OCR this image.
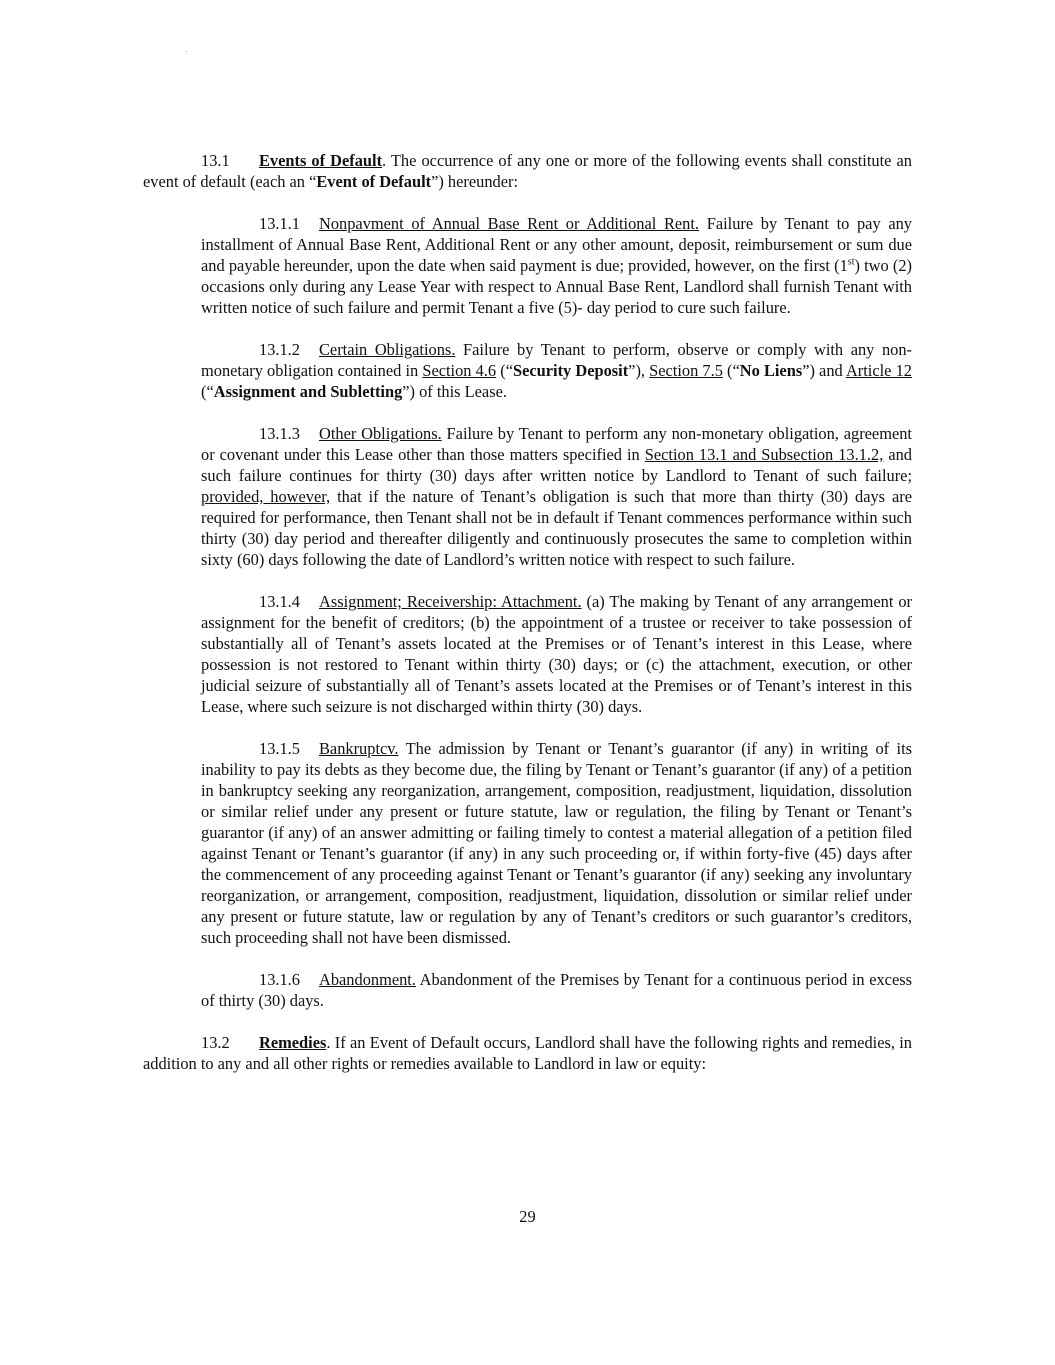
.

13.1 Events of Default. The occurrence of any one or more of the following events shall constitute an event of default (each an “Event of Default”) hereunder:

13.1.1 Nonpavment of Annual Base Rent or Additional Rent. Failure by Tenant to pay any installment of Annual Base Rent, Additional Rent or any other amount, deposit, reimbursement or sum due and payable hereunder, upon the date when said payment is due; provided, however, on the first (1st) two (2) occasions only during any Lease Year with respect to Annual Base Rent, Landlord shall furnish Tenant with written notice of such failure and permit Tenant a five (5)- day period to cure such failure.

13.1.2 Certain Obligations. Failure by Tenant to perform, observe or comply with any non-monetary obligation contained in Section 4.6 (“Security Deposit”), Section 7.5 (“No Liens”) and Article 12 (“Assignment and Subletting”) of this Lease.

13.1.3 Other Obligations. Failure by Tenant to perform any non-monetary obligation, agreement or covenant under this Lease other than those matters specified in Section 13.1 and Subsection 13.1.2, and such failure continues for thirty (30) days after written notice by Landlord to Tenant of such failure; provided, however, that if the nature of Tenant’s obligation is such that more than thirty (30) days are required for performance, then Tenant shall not be in default if Tenant commences performance within such thirty (30) day period and thereafter diligently and continuously prosecutes the same to completion within sixty (60) days following the date of Landlord’s written notice with respect to such failure.

13.1.4 Assignment; Receivership: Attachment. (a) The making by Tenant of any arrangement or assignment for the benefit of creditors; (b) the appointment of a trustee or receiver to take possession of substantially all of Tenant’s assets located at the Premises or of Tenant’s interest in this Lease, where possession is not restored to Tenant within thirty (30) days; or (c) the attachment, execution, or other judicial seizure of substantially all of Tenant’s assets located at the Premises or of Tenant’s interest in this Lease, where such seizure is not discharged within thirty (30) days.

13.1.5 Bankruptcv. The admission by Tenant or Tenant’s guarantor (if any) in writing of its inability to pay its debts as they become due, the filing by Tenant or Tenant’s guarantor (if any) of a petition in bankruptcy seeking any reorganization, arrangement, composition, readjustment, liquidation, dissolution or similar relief under any present or future statute, law or regulation, the filing by Tenant or Tenant’s guarantor (if any) of an answer admitting or failing timely to contest a material allegation of a petition filed against Tenant or Tenant’s guarantor (if any) in any such proceeding or, if within forty-five (45) days after the commencement of any proceeding against Tenant or Tenant’s guarantor (if any) seeking any involuntary reorganization, or arrangement, composition, readjustment, liquidation, dissolution or similar relief under any present or future statute, law or regulation by any of Tenant’s creditors or such guarantor’s creditors, such proceeding shall not have been dismissed.

13.1.6 Abandonment. Abandonment of the Premises by Tenant for a continuous period in excess of thirty (30) days.

13.2 Remedies. If an Event of Default occurs, Landlord shall have the following rights and remedies, in addition to any and all other rights or remedies available to Landlord in law or equity:

29
